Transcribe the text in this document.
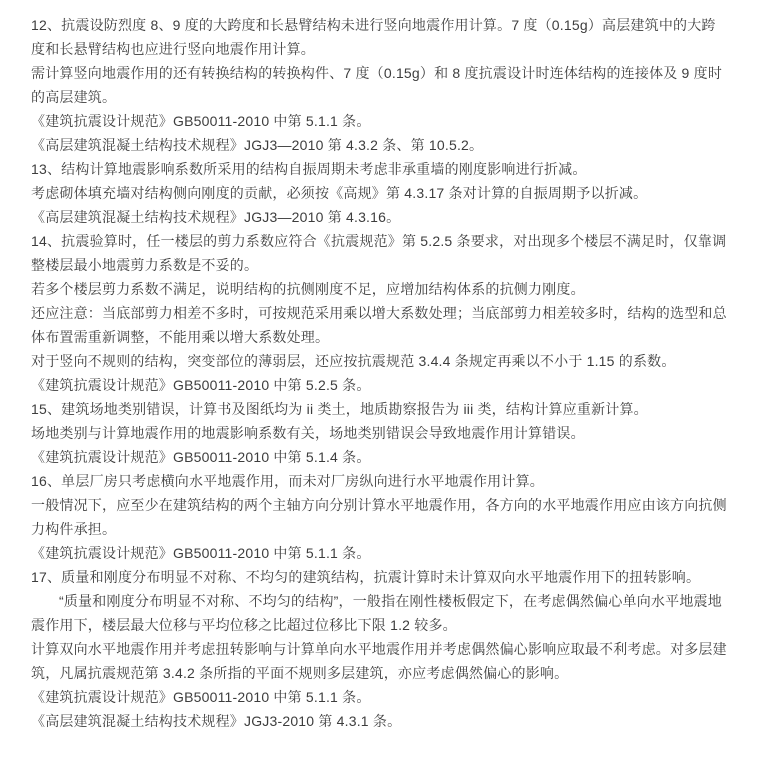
12、抗震设防烈度 8、9 度的大跨度和长悬臂结构未进行竖向地震作用计算。7 度（0.15g）高层建筑中的大跨
度和长悬臂结构也应进行竖向地震作用计算。
需计算竖向地震作用的还有转换结构的转换构件、7 度（0.15g）和 8 度抗震设计时连体结构的连接体及 9 度时
的高层建筑。
《建筑抗震设计规范》GB50011-2010 中第 5.1.1 条。
《高层建筑混凝土结构技术规程》JGJ3—2010 第 4.3.2 条、第 10.5.2。
13、结构计算地震影响系数所采用的结构自振周期未考虑非承重墙的刚度影响进行折减。
考虑砌体填充墙对结构侧向刚度的贡献，必须按《高规》第 4.3.17 条对计算的自振周期予以折减。
《高层建筑混凝土结构技术规程》JGJ3—2010 第 4.3.16。
14、抗震验算时，任一楼层的剪力系数应符合《抗震规范》第 5.2.5 条要求，对出现多个楼层不满足时，仅靠调
整楼层最小地震剪力系数是不妥的。
若多个楼层剪力系数不满足，说明结构的抗侧刚度不足，应增加结构体系的抗侧力刚度。
还应注意：当底部剪力相差不多时，可按规范采用乘以增大系数处理；当底部剪力相差较多时，结构的选型和总
体布置需重新调整，不能用乘以增大系数处理。
对于竖向不规则的结构，突变部位的薄弱层，还应按抗震规范 3.4.4 条规定再乘以不小于 1.15 的系数。
《建筑抗震设计规范》GB50011-2010 中第 5.2.5 条。
15、建筑场地类别错误，计算书及图纸均为 ii 类土，地质勘察报告为 iii 类，结构计算应重新计算。
场地类别与计算地震作用的地震影响系数有关，场地类别错误会导致地震作用计算错误。
《建筑抗震设计规范》GB50011-2010 中第 5.1.4 条。
16、单层厂房只考虑横向水平地震作用，而未对厂房纵向进行水平地震作用计算。
一般情况下，应至少在建筑结构的两个主轴方向分别计算水平地震作用，各方向的水平地震作用应由该方向抗侧
力构件承担。
《建筑抗震设计规范》GB50011-2010 中第 5.1.1 条。
17、质量和刚度分布明显不对称、不均匀的建筑结构，抗震计算时未计算双向水平地震作用下的扭转影响。
“质量和刚度分布明显不对称、不均匀的结构”，一般指在刚性楼板假定下，在考虑偶然偏心单向水平地震地
震作用下，楼层最大位移与平均位移之比超过位移比下限 1.2 较多。
计算双向水平地震作用并考虑扭转影响与计算单向水平地震作用并考虑偶然偏心影响应取最不利考虑。对多层建
筑，凡属抗震规范第 3.4.2 条所指的平面不规则多层建筑，亦应考虑偶然偏心的影响。
《建筑抗震设计规范》GB50011-2010 中第 5.1.1 条。
《高层建筑混凝土结构技术规程》JGJ3-2010 第 4.3.1 条。
